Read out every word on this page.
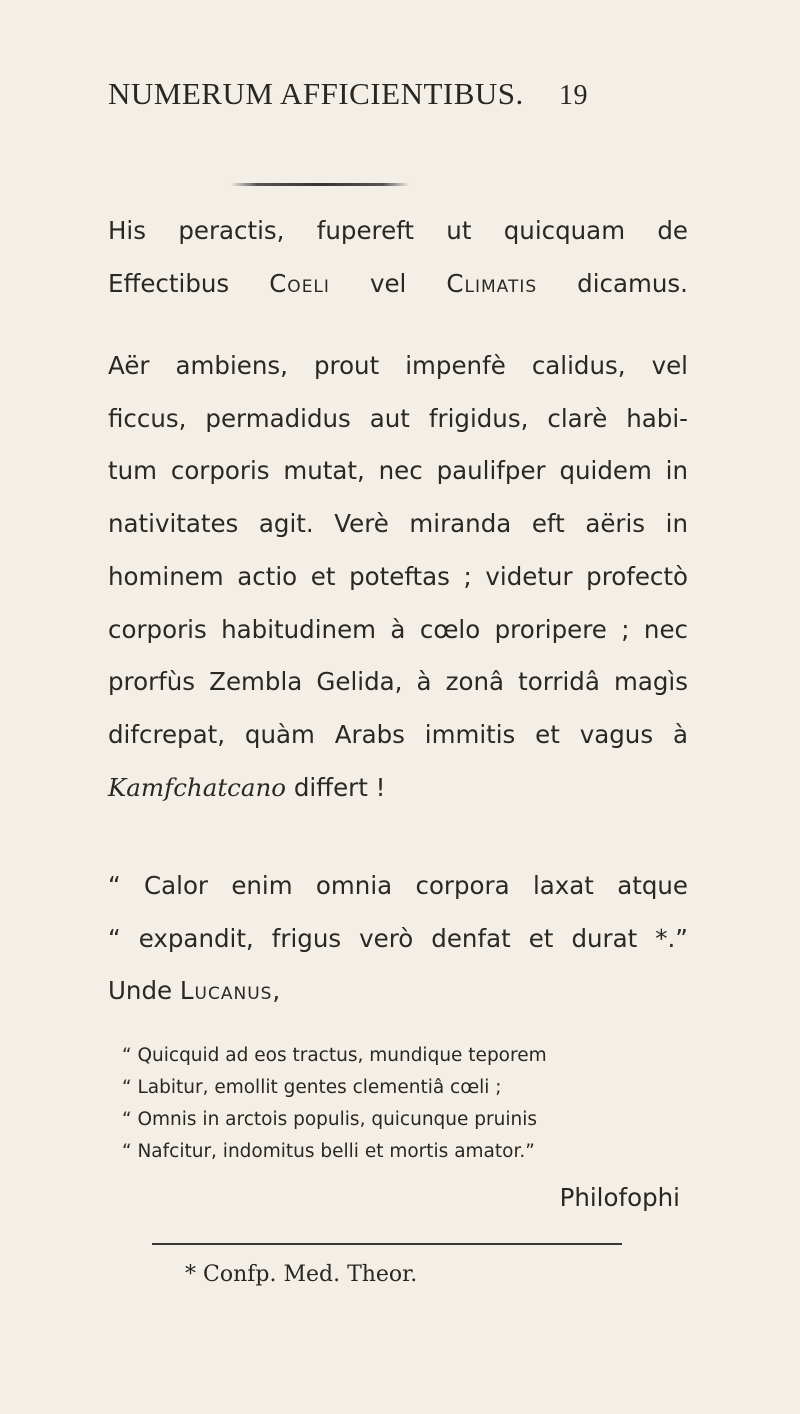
NUMERUM AFFICIENTIBUS. 19
His peractis, fupereft ut quicquam de
Effectibus Coeli vel Climatis dicamus.
Aër ambiens, prout impenfè calidus, vel
ficcus, permadidus aut frigidus, clarè habi-
tum corporis mutat, nec paulifper quidem in
nativitates agit. Verè miranda eft aëris in
hominem actio et poteftas ; videtur profectò
corporis habitudinem à cœlo proripere ; nec
prorfùs Zembla Gelida, à zonâ torridâ magìs
difcrepat, quàm Arabs immitis et vagus à
Kamfchatcano differt !
“ Calor enim omnia corpora laxat atque
“ expandit, frigus verò denfat et durat *.”
Unde Lucanus,
“ Quicquid ad eos tractus, mundique teporem
“ Labitur, emollit gentes clementiâ cœli ;
“ Omnis in arctois populis, quicunque pruinis
“ Nafcitur, indomitus belli et mortis amator.”
Philofophi
* Confp. Med. Theor.
